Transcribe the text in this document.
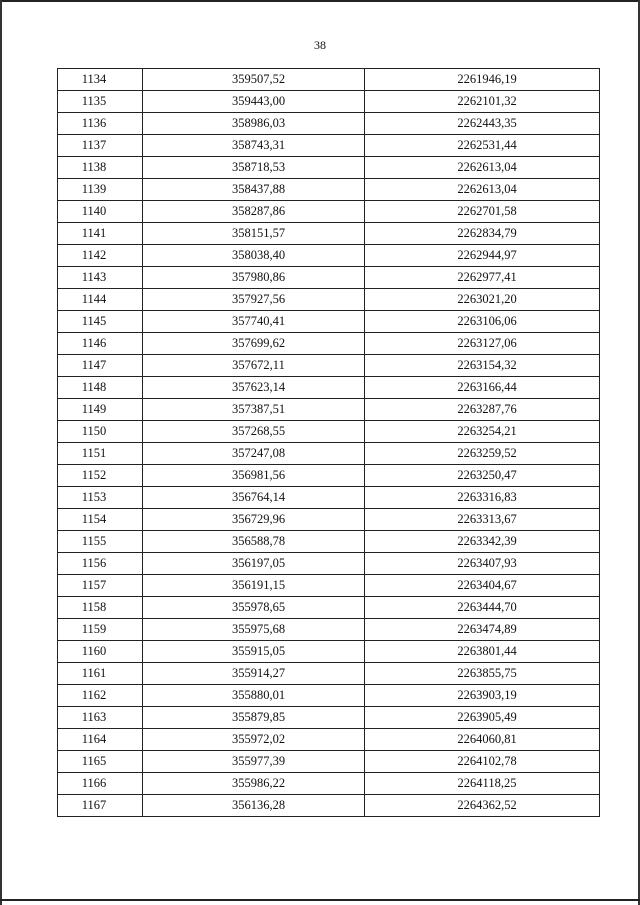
38
1134	359507,52	2261946,19
1135	359443,00	2262101,32
1136	358986,03	2262443,35
1137	358743,31	2262531,44
1138	358718,53	2262613,04
1139	358437,88	2262613,04
1140	358287,86	2262701,58
1141	358151,57	2262834,79
1142	358038,40	2262944,97
1143	357980,86	2262977,41
1144	357927,56	2263021,20
1145	357740,41	2263106,06
1146	357699,62	2263127,06
1147	357672,11	2263154,32
1148	357623,14	2263166,44
1149	357387,51	2263287,76
1150	357268,55	2263254,21
1151	357247,08	2263259,52
1152	356981,56	2263250,47
1153	356764,14	2263316,83
1154	356729,96	2263313,67
1155	356588,78	2263342,39
1156	356197,05	2263407,93
1157	356191,15	2263404,67
1158	355978,65	2263444,70
1159	355975,68	2263474,89
1160	355915,05	2263801,44
1161	355914,27	2263855,75
1162	355880,01	2263903,19
1163	355879,85	2263905,49
1164	355972,02	2264060,81
1165	355977,39	2264102,78
1166	355986,22	2264118,25
1167	356136,28	2264362,52
